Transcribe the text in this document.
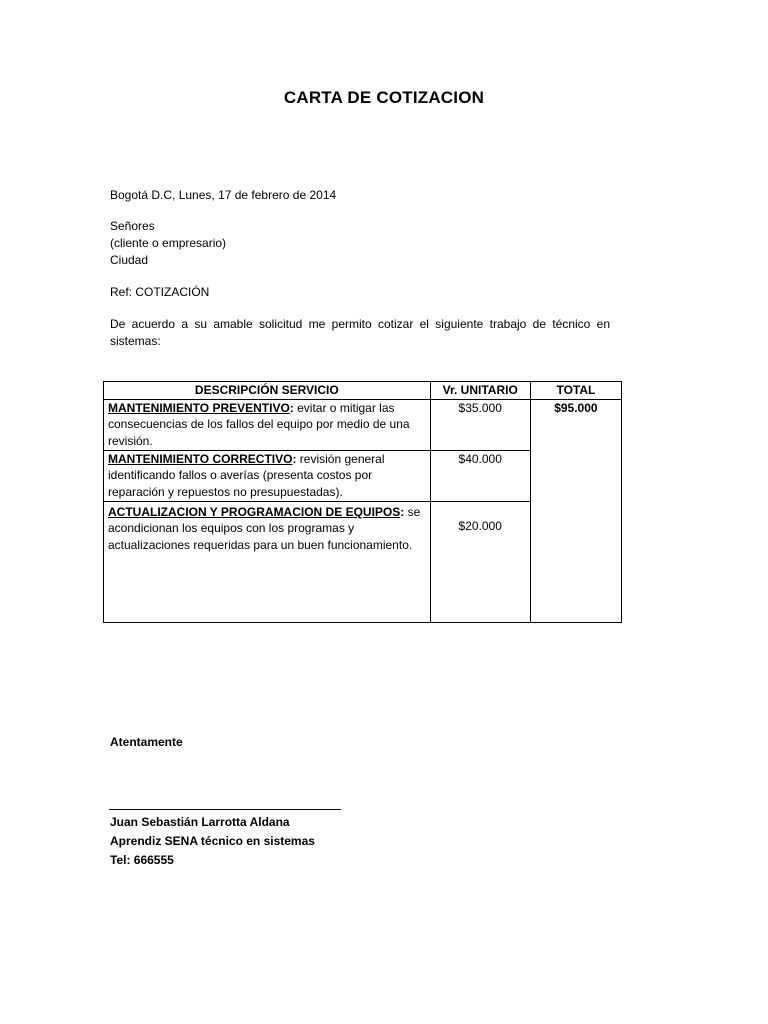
CARTA DE COTIZACION
Bogotá D.C, Lunes, 17 de febrero de 2014
Señores
(cliente o empresario)
Ciudad
Ref: COTIZACIÓN
De acuerdo a su amable solicitud me permito cotizar el siguiente trabajo de técnico en sistemas:
DESCRIPCIÓN SERVICIO	Vr. UNITARIO	TOTAL
MANTENIMIENTO PREVENTIVO: evitar o mitigar las consecuencias de los fallos del equipo por medio de una revisión.	$35.000	$95.000
MANTENIMIENTO CORRECTIVO: revisión general identificando fallos o averías (presenta costos por reparación y repuestos no presupuestadas).	$40.000	
ACTUALIZACION Y PROGRAMACION DE EQUIPOS: se acondicionan los equipos con los programas y actualizaciones requeridas para un buen funcionamiento.	$20.000	
Atentamente
Juan Sebastián Larrotta Aldana
Aprendiz SENA técnico en sistemas
Tel: 666555
